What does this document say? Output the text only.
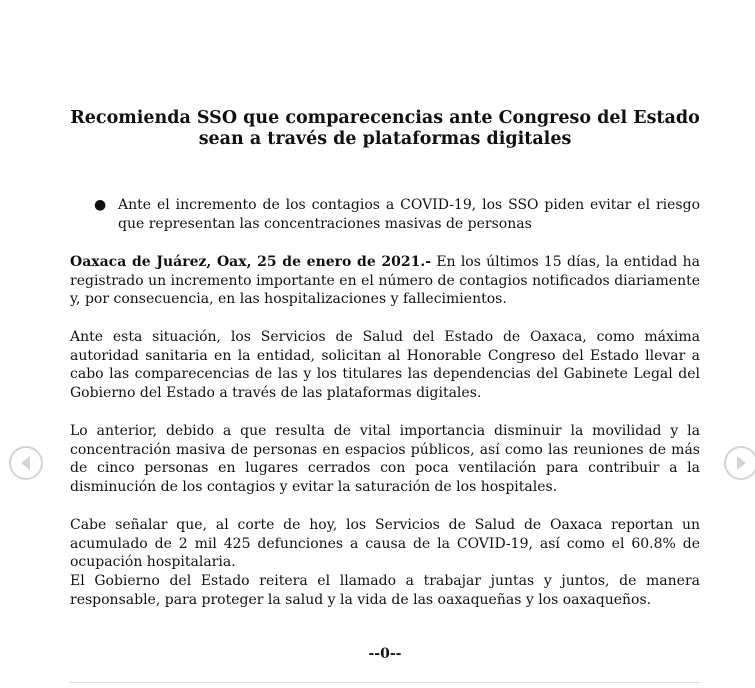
Recomienda SSO que comparecencias ante Congreso del Estado sean a través de plataformas digitales
● Ante el incremento de los contagios a COVID-19, los SSO piden evitar el riesgo que representan las concentraciones masivas de personas
Oaxaca de Juárez, Oax, 25 de enero de 2021.- En los últimos 15 días, la entidad ha registrado un incremento importante en el número de contagios notificados diariamente y, por consecuencia, en las hospitalizaciones y fallecimientos.
Ante esta situación, los Servicios de Salud del Estado de Oaxaca, como máxima autoridad sanitaria en la entidad, solicitan al Honorable Congreso del Estado llevar a cabo las comparecencias de las y los titulares las dependencias del Gabinete Legal del Gobierno del Estado a través de las plataformas digitales.
Lo anterior, debido a que resulta de vital importancia disminuir la movilidad y la concentración masiva de personas en espacios públicos, así como las reuniones de más de cinco personas en lugares cerrados con poca ventilación para contribuir a la disminución de los contagios y evitar la saturación de los hospitales.
Cabe señalar que, al corte de hoy, los Servicios de Salud de Oaxaca reportan un acumulado de 2 mil 425 defunciones a causa de la COVID-19, así como el 60.8% de ocupación hospitalaria.
El Gobierno del Estado reitera el llamado a trabajar juntas y juntos, de manera responsable, para proteger la salud y la vida de las oaxaqueñas y los oaxaqueños.
--0--
